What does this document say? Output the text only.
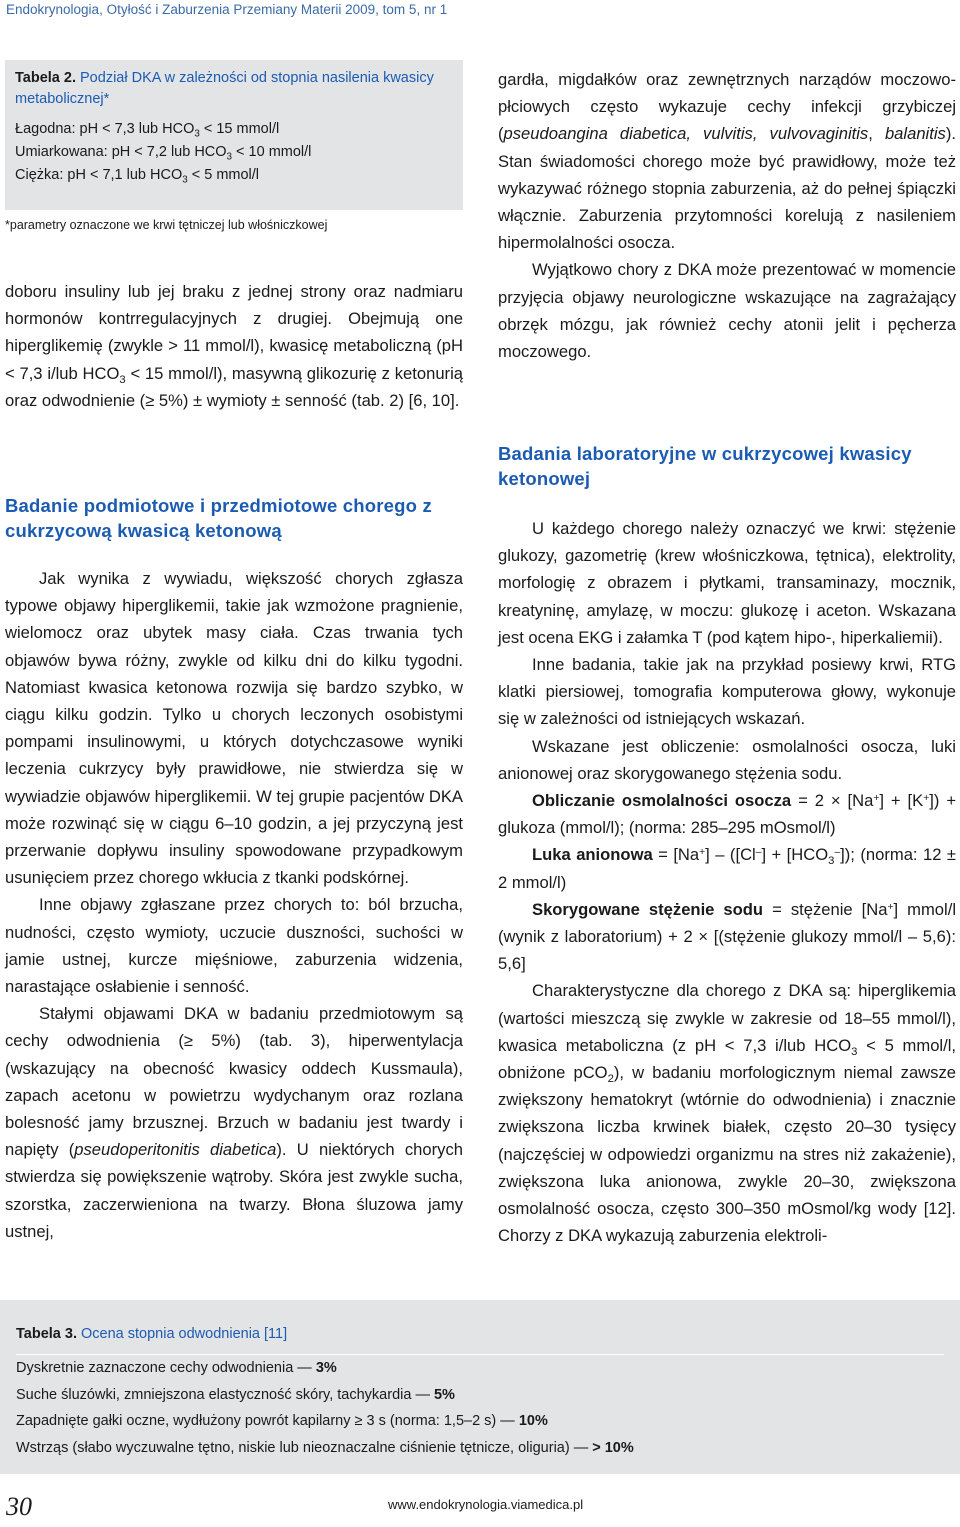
Endokrynologia, Otyłość i Zaburzenia Przemiany Materii 2009, tom 5, nr 1
Tabela 2. Podział DKA w zależności od stopnia nasilenia kwasicy metabolicznej*
Łagodna: pH < 7,3 lub $HCO_3 < 15$ mmol/l
Umiarkowana: pH < 7,2 lub $HCO_3 < 10$ mmol/l
Ciężka: pH < 7,1 lub $HCO_3 < 5$ mmol/l
*parametry oznaczone we krwi tętniczej lub włośniczkowej

doboru insuliny lub jej braku z jednej strony oraz nadmiaru hormonów kontrregulacyjnych z drugiej. Obejmują one hiperglikemię (zwykle > 11 mmol/l), kwasicę metaboliczną (pH < 7,3 i/lub $HCO_3 < 15$ mmol/l), masywną glikozurię z ketonurią oraz odwodnienie (≥ 5%) ± wymioty ± senność (tab. 2) [6, 10].

Badanie podmiotowe i przedmiotowe chorego z cukrzycową kwasicą ketonową

Jak wynika z wywiadu, większość chorych zgłasza typowe objawy hiperglikemii, takie jak wzmożone pragnienie, wielomocz oraz ubytek masy ciała. Czas trwania tych objawów bywa różny, zwykle od kilku dni do kilku tygodni. Natomiast kwasica ketonowa rozwija się bardzo szybko, w ciągu kilku godzin. Tylko u chorych leczonych osobistymi pompami insulinowymi, u których dotychczasowe wyniki leczenia cukrzycy były prawidłowe, nie stwierdza się w wywiadzie objawów hiperglikemii. W tej grupie pacjentów DKA może rozwinąć się w ciągu 6–10 godzin, a jej przyczyną jest przerwanie dopływu insuliny spowodowane przypadkowym usunięciem przez chorego wkłucia z tkanki podskórnej.

Inne objawy zgłaszane przez chorych to: ból brzucha, nudności, często wymioty, uczucie duszności, suchości w jamie ustnej, kurcze mięśniowe, zaburzenia widzenia, narastające osłabienie i senność.

Stałymi objawami DKA w badaniu przedmiotowym są cechy odwodnienia (≥ 5%) (tab. 3), hiperwentylacja (wskazujący na obecność kwasicy oddech Kussmaula), zapach acetonu w powietrzu wydychanym oraz rozlana bolesność jamy brzusznej. Brzuch w badaniu jest twardy i napięty (pseudoperitonitis diabetica). U niektórych chorych stwierdza się powiększenie wątroby. Skóra jest zwykle sucha, szorstka, zaczerwieniona na twarzy. Błona śluzowa jamy ustnej,

gardła, migdałków oraz zewnętrznych narządów moczowo-płciowych często wykazuje cechy infekcji grzybiczej (pseudoangina diabetica, vulvitis, vulvovaginitis, balanitis). Stan świadomości chorego może być prawidłowy, może też wykazywać różnego stopnia zaburzenia, aż do pełnej śpiączki włącznie. Zaburzenia przytomności korelują z nasileniem hipermolalności osocza.

Wyjątkowo chory z DKA może prezentować w momencie przyjęcia objawy neurologiczne wskazujące na zagrażający obrzęk mózgu, jak również cechy atonii jelit i pęcherza moczowego.

Badania laboratoryjne w cukrzycowej kwasicy ketonowej

U każdego chorego należy oznaczyć we krwi: stężenie glukozy, gazometrię (krew włośniczkowa, tętnica), elektrolity, morfologię z obrazem i płytkami, transaminazy, mocznik, kreatyninę, amylazę, w moczu: glukozę i aceton. Wskazana jest ocena EKG i załamka T (pod kątem hipo-, hiperkaliemii).

Inne badania, takie jak na przykład posiewy krwi, RTG klatki piersiowej, tomografia komputerowa głowy, wykonuje się w zależności od istniejących wskazań.

Wskazane jest obliczenie: osmolalności osocza, luki anionowej oraz skorygowanego stężenia sodu.

Obliczanie osmolalności osocza = 2 × [Na+] + [K+]) + glukoza (mmol/l); (norma: 285–295 mOsmol/l)

Luka anionowa = $[Na^+] - ([Cl^-] + [HCO_3^-])$; (norma: 12 ± 2 mmol/l)

Skorygowane stężenie sodu = stężenie [Na+] mmol/l (wynik z laboratorium) + 2 × [(stężenie glukozy mmol/l – 5,6): 5,6]

Charakterystyczne dla chorego z DKA są: hiperglikemia (wartości mieszczą się zwykle w zakresie od 18–55 mmol/l), kwasica metaboliczna (z pH < 7,3 i/lub $HCO_3 < 5$ mmol/l, obniżone pCO$_2$), w badaniu morfologicznym niemal zawsze zwiększony hematokryt (wtórnie do odwodnienia) i znacznie zwiększona liczba krwinek białek, często 20–30 tysięcy (najczęściej w odpowiedzi organizmu na stres niż zakażenie), zwiększona luka anionowa, zwykle 20–30, zwiększona osmolalność osocza, często 300–350 mOsmol/kg wody [12]. Chorzy z DKA wykazują zaburzenia elektroli-

Tabela 3. Ocena stopnia odwodnienia [11]
Dyskretnie zaznaczone cechy odwodnienia — 3%
Suche śluzówki, zmniejszona elastyczność skóry, tachykardia — 5%
Zapadnięte gałki oczne, wydłużony powrót kapilarny ≥ 3 s (norma: 1,5–2 s) — 10%
Wstrząs (słabo wyczuwalne tętno, niskie lub nieoznaczalne ciśnienie tętnicze, oliguria) — > 10%
30	www.endokrynologia.viamedica.pl
